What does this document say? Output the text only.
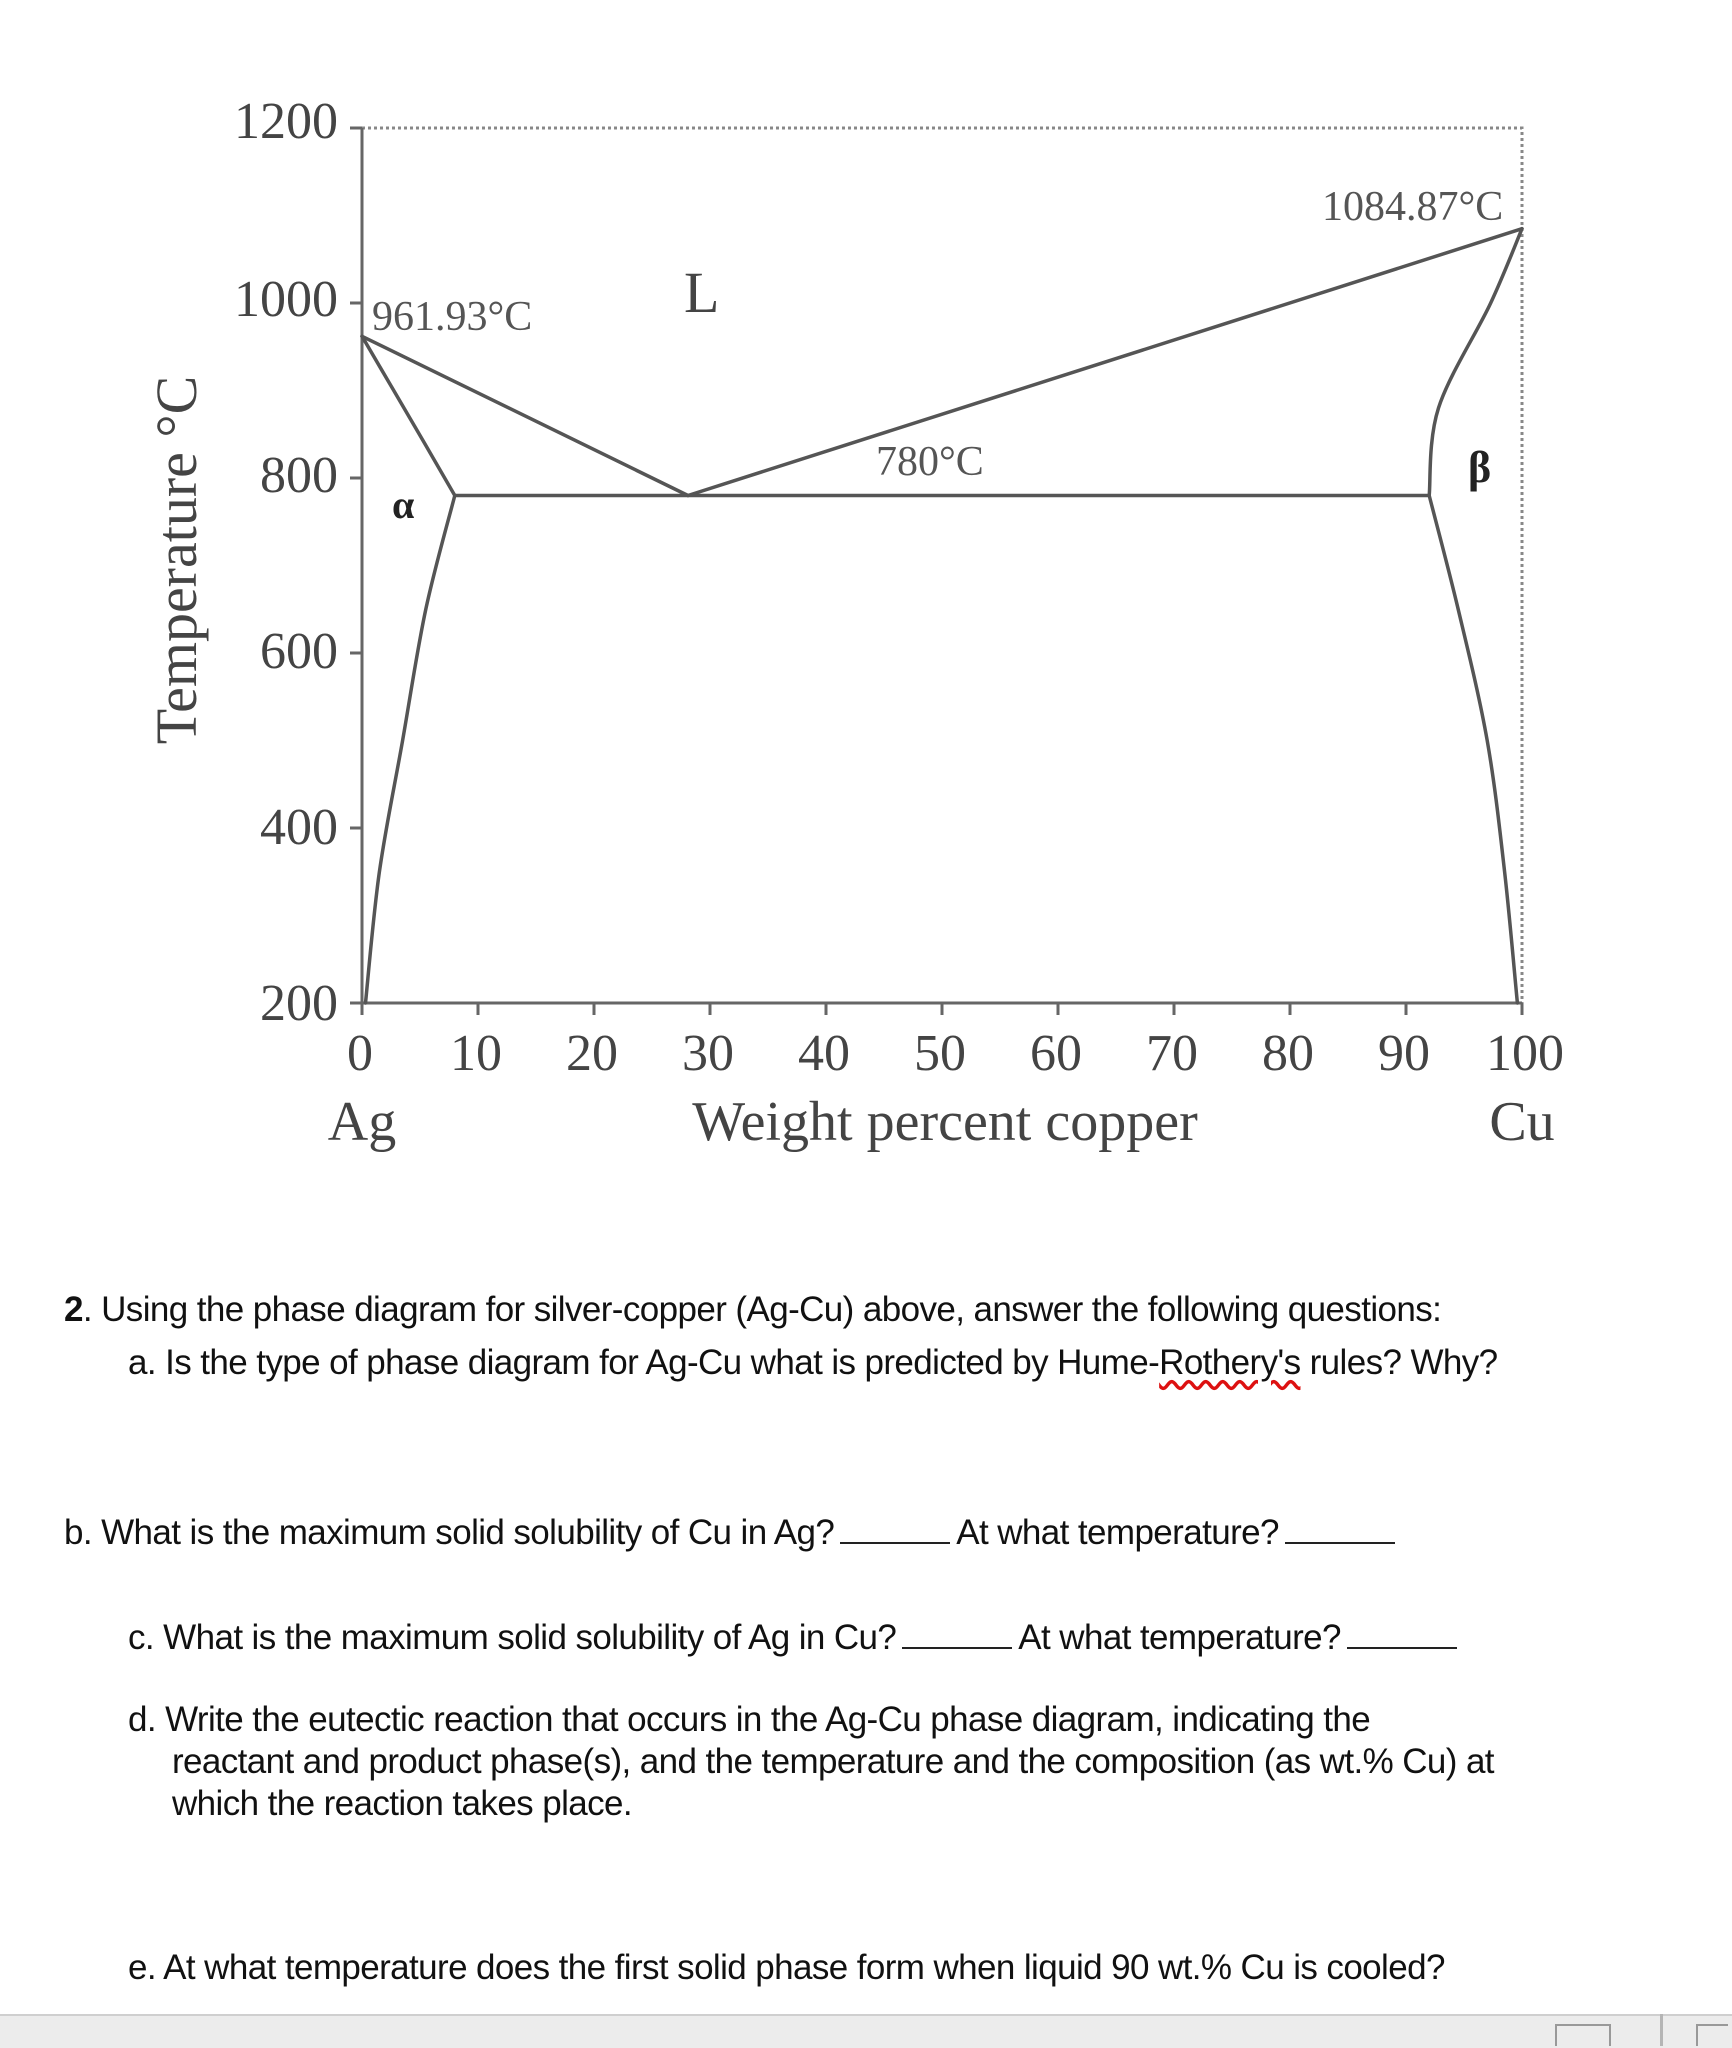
1200
1000
800
600
400
200
0 10 20 30 40 50 60 70 80 90 100
Ag	Weight percent copper	Cu
Temperature °C
961.93°C
1084.87°C
780°C
L
α
β
2. Using the phase diagram for silver-copper (Ag-Cu) above, answer the following questions:
a. Is the type of phase diagram for Ag-Cu what is predicted by Hume-Rothery's rules? Why?
b. What is the maximum solid solubility of Cu in Ag?	At what temperature?
c. What is the maximum solid solubility of Ag in Cu?	At what temperature?
d. Write the eutectic reaction that occurs in the Ag-Cu phase diagram, indicating the
reactant and product phase(s), and the temperature and the composition (as wt.% Cu) at
which the reaction takes place.
e. At what temperature does the first solid phase form when liquid 90 wt.% Cu is cooled?
